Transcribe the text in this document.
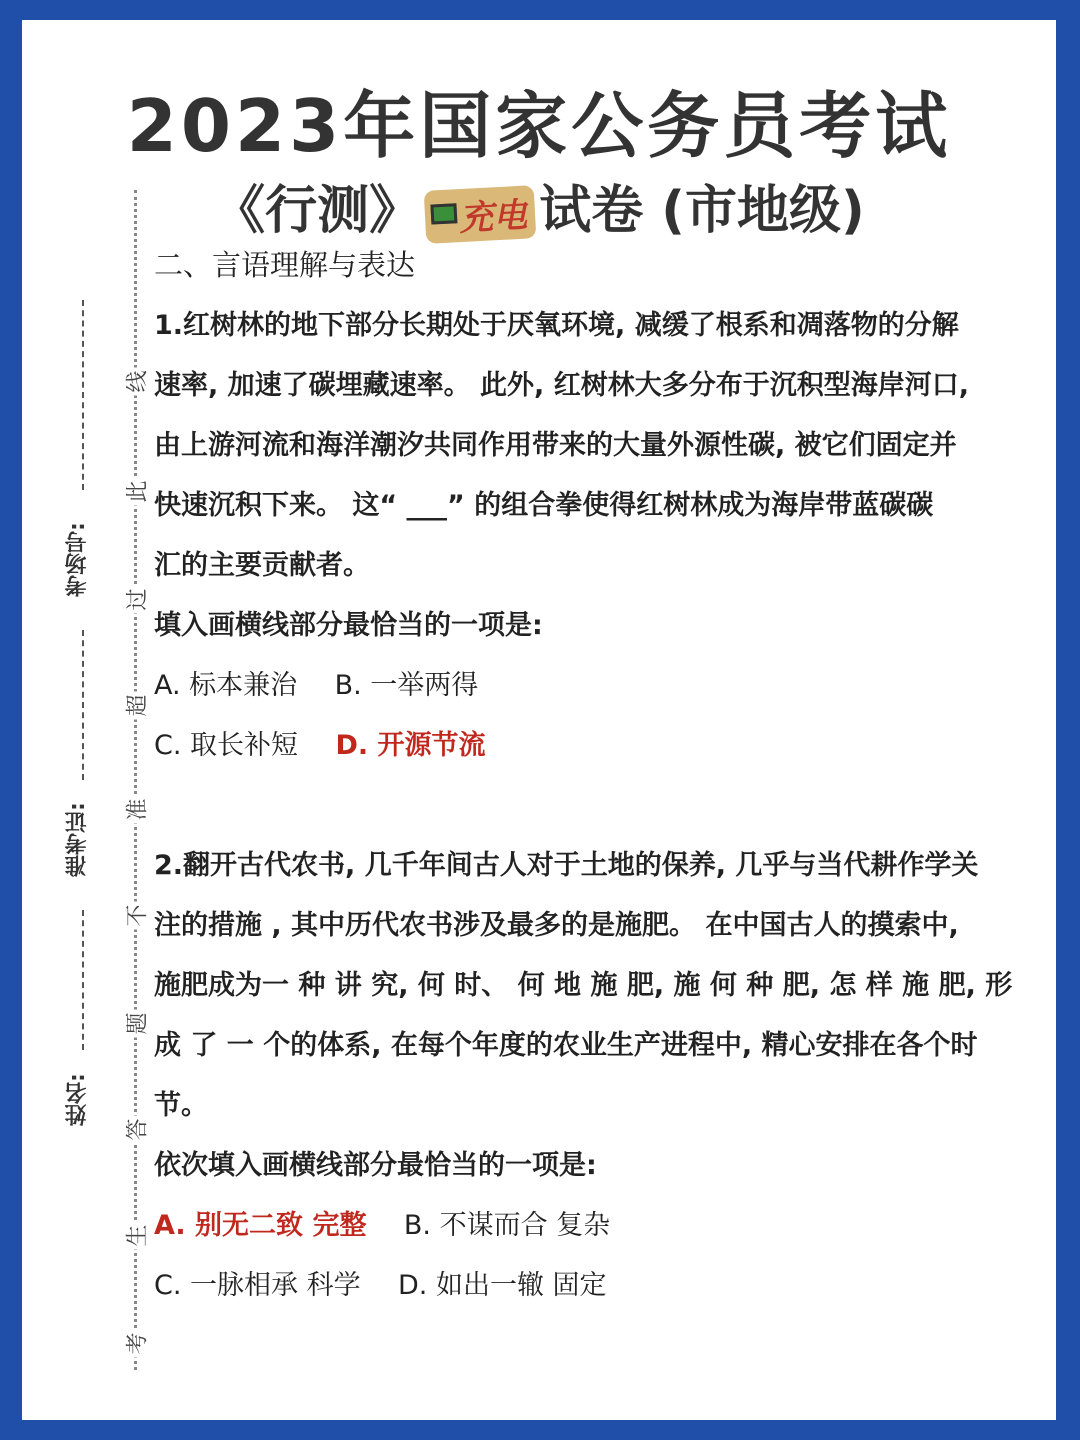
2023年国家公务员考试
《行测》 充电 试卷 (市地级)
考场号:
准考证:
姓名:
线
此
过
超
准
不
题
答
生
考
二、言语理解与表达
1.红树林的地下部分长期处于厌氧环境, 减缓了根系和凋落物的分解
速率, 加速了碳埋藏速率。 此外, 红树林大多分布于沉积型海岸河口,
由上游河流和海洋潮汐共同作用带来的大量外源性碳, 被它们固定并
快速沉积下来。 这“ ___” 的组合拳使得红树林成为海岸带蓝碳碳
汇的主要贡献者。
填入画横线部分最恰当的一项是:
A. 标本兼治 B. 一举两得
C. 取长补短 D. 开源节流
2.翻开古代农书, 几千年间古人对于土地的保养, 几乎与当代耕作学关
注的措施 , 其中历代农书涉及最多的是施肥。 在中国古人的摸索中,
施肥成为一 种 讲 究, 何 时、 何 地 施 肥, 施 何 种 肥, 怎 样 施 肥, 形
成 了 一 个的体系, 在每个年度的农业生产进程中, 精心安排在各个时
节。
依次填入画横线部分最恰当的一项是:
A. 别无二致 完整 B. 不谋而合 复杂
C. 一脉相承 科学 D. 如出一辙 固定
